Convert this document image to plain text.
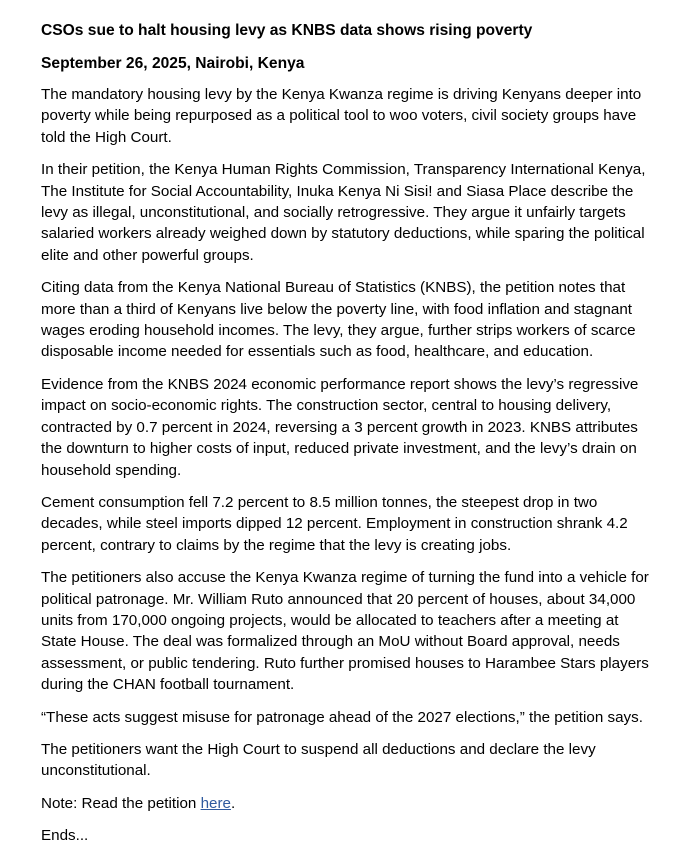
CSOs sue to halt housing levy as KNBS data shows rising poverty
September 26, 2025, Nairobi, Kenya

The mandatory housing levy by the Kenya Kwanza regime is driving Kenyans deeper into poverty while being repurposed as a political tool to woo voters, civil society groups have told the High Court.

In their petition, the Kenya Human Rights Commission, Transparency International Kenya, The Institute for Social Accountability, Inuka Kenya Ni Sisi! and Siasa Place describe the levy as illegal, unconstitutional, and socially retrogressive. They argue it unfairly targets salaried workers already weighed down by statutory deductions, while sparing the political elite and other powerful groups.

Citing data from the Kenya National Bureau of Statistics (KNBS), the petition notes that more than a third of Kenyans live below the poverty line, with food inflation and stagnant wages eroding household incomes. The levy, they argue, further strips workers of scarce disposable income needed for essentials such as food, healthcare, and education.

Evidence from the KNBS 2024 economic performance report shows the levy’s regressive impact on socio-economic rights. The construction sector, central to housing delivery, contracted by 0.7 percent in 2024, reversing a 3 percent growth in 2023. KNBS attributes the downturn to higher costs of input, reduced private investment, and the levy’s drain on household spending.

Cement consumption fell 7.2 percent to 8.5 million tonnes, the steepest drop in two decades, while steel imports dipped 12 percent. Employment in construction shrank 4.2 percent, contrary to claims by the regime that the levy is creating jobs.

The petitioners also accuse the Kenya Kwanza regime of turning the fund into a vehicle for political patronage. Mr. William Ruto announced that 20 percent of houses, about 34,000 units from 170,000 ongoing projects, would be allocated to teachers after a meeting at State House. The deal was formalized through an MoU without Board approval, needs assessment, or public tendering. Ruto further promised houses to Harambee Stars players during the CHAN football tournament.

“These acts suggest misuse for patronage ahead of the 2027 elections,” the petition says.

The petitioners want the High Court to suspend all deductions and declare the levy unconstitutional.

Note: Read the petition here.

Ends...
